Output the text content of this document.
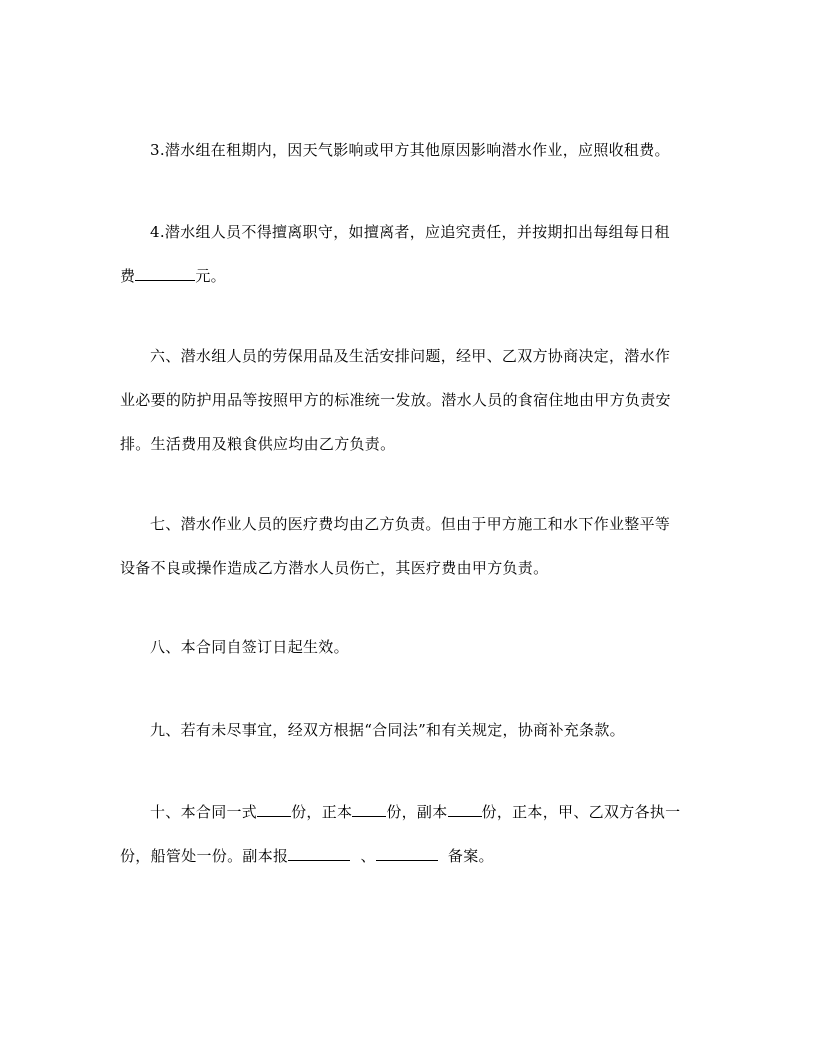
3.潜水组在租期内，因天气影响或甲方其他原因影响潜水作业，应照收租费。

4.潜水组人员不得擅离职守，如擅离者，应追究责任，并按期扣出每组每日租
费	元。

六、潜水组人员的劳保用品及生活安排问题，经甲、乙双方协商决定，潜水作
业必要的防护用品等按照甲方的标准统一发放。潜水人员的食宿住地由甲方负责安
排。生活费用及粮食供应均由乙方负责。

七、潜水作业人员的医疗费均由乙方负责。但由于甲方施工和水下作业整平等
设备不良或操作造成乙方潜水人员伤亡，其医疗费由甲方负责。

八、本合同自签订日起生效。

九、若有未尽事宜，经双方根据“合同法”和有关规定，协商补充条款。

十、本合同一式 份，正本 份，副本 份，正本，甲、乙双方各执一
份，船管处一份。副本报	、	备案。
